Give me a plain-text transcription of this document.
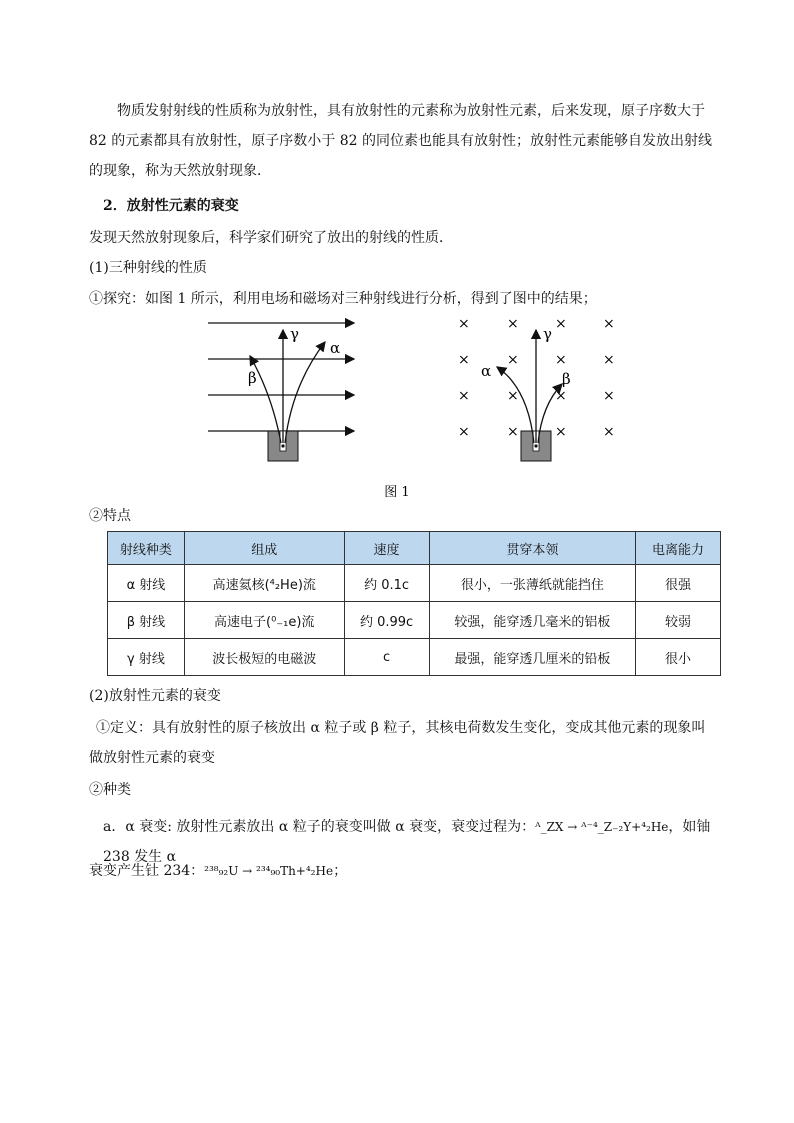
物质发射射线的性质称为放射性，具有放射性的元素称为放射性元素，后来发现，原子序数大于 82 的元素都具有放射性，原子序数小于 82 的同位素也能具有放射性；放射性元素能够自发放出射线的现象，称为天然放射现象．

2．放射性元素的衰变

发现天然放射现象后，科学家们研究了放出的射线的性质．

(1)三种射线的性质

①探究：如图 1 所示，利用电场和磁场对三种射线进行分析，得到了图中的结果；

γ
α
β
×	×	×	×
×	×	×	×
×	×	×	×
×	×	×	×
γ
α	β
图 1

②特点

射线种类	组成	速度	贯穿本领	电离能力
α 射线	高速氦核(⁴₂He)流	约 0.1c	很小，一张薄纸就能挡住	很强
β 射线	高速电子(⁰₋₁e)流	约 0.99c	较强，能穿透几毫米的铝板	较弱
γ 射线	波长极短的电磁波	c	最强，能穿透几厘米的铅板	很小

(2)放射性元素的衰变

①定义：具有放射性的原子核放出 α 粒子或 β 粒子，其核电荷数发生变化，变成其他元素的现象叫做放射性元素的衰变

②种类

a．α 衰变: 放射性元素放出 α 粒子的衰变叫做 α 衰变，衰变过程为：ᴬ_ZX → ᴬ⁻⁴_Z₋₂Y+⁴₂He，如铀 238 发生 α

衰变产生钍 234：²³⁸₉₂U → ²³⁴₉₀Th+⁴₂He；
